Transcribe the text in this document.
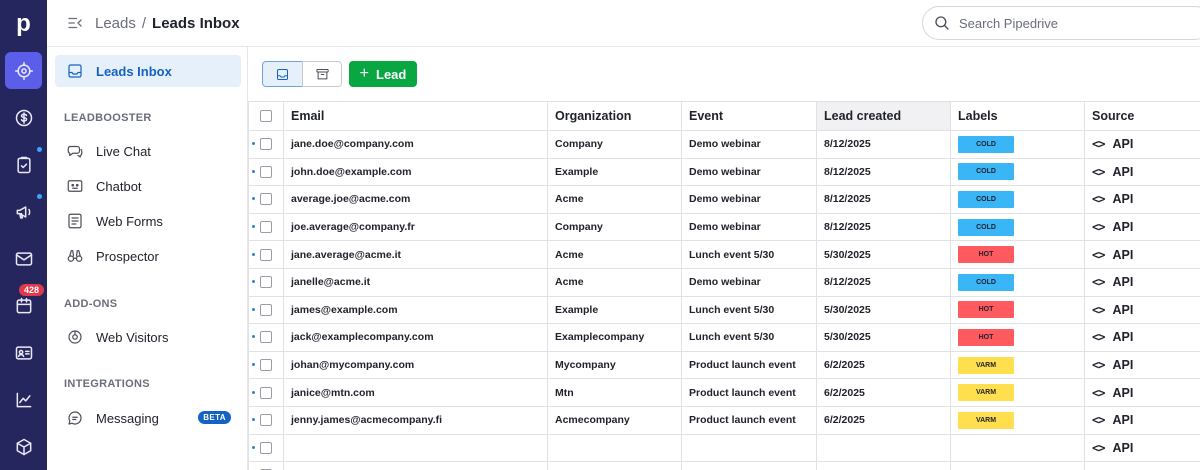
p
428
Leads / Leads Inbox
Search Pipedrive
Leads Inbox
LEADBOOSTER
Live Chat
Chatbot
Web Forms
Prospector
ADD-ONS
Web Visitors
INTEGRATIONS
Messaging	BETA
+ Lead
	Email	Organization	Event	Lead created	Labels	Source

	jane.doe@company.com	Company	Demo webinar	8/12/2025	COLD	<> API

	john.doe@example.com	Example	Demo webinar	8/12/2025	COLD	<> API

	average.joe@acme.com	Acme	Demo webinar	8/12/2025	COLD	<> API

	joe.average@company.fr	Company	Demo webinar	8/12/2025	COLD	<> API

	jane.average@acme.it	Acme	Lunch event 5/30	5/30/2025	HOT	<> API

	janelle@acme.it	Acme	Demo webinar	8/12/2025	COLD	<> API

	james@example.com	Example	Lunch event 5/30	5/30/2025	HOT	<> API

	jack@examplecompany.com	Examplecompany	Lunch event 5/30	5/30/2025	HOT	<> API

	johan@mycompany.com	Mycompany	Product launch event	6/2/2025	VARM	<> API

	janice@mtn.com	Mtn	Product launch event	6/2/2025	VARM	<> API

	jenny.james@acmecompany.fi	Acmecompany	Product launch event	6/2/2025	VARM	<> API

						<> API
